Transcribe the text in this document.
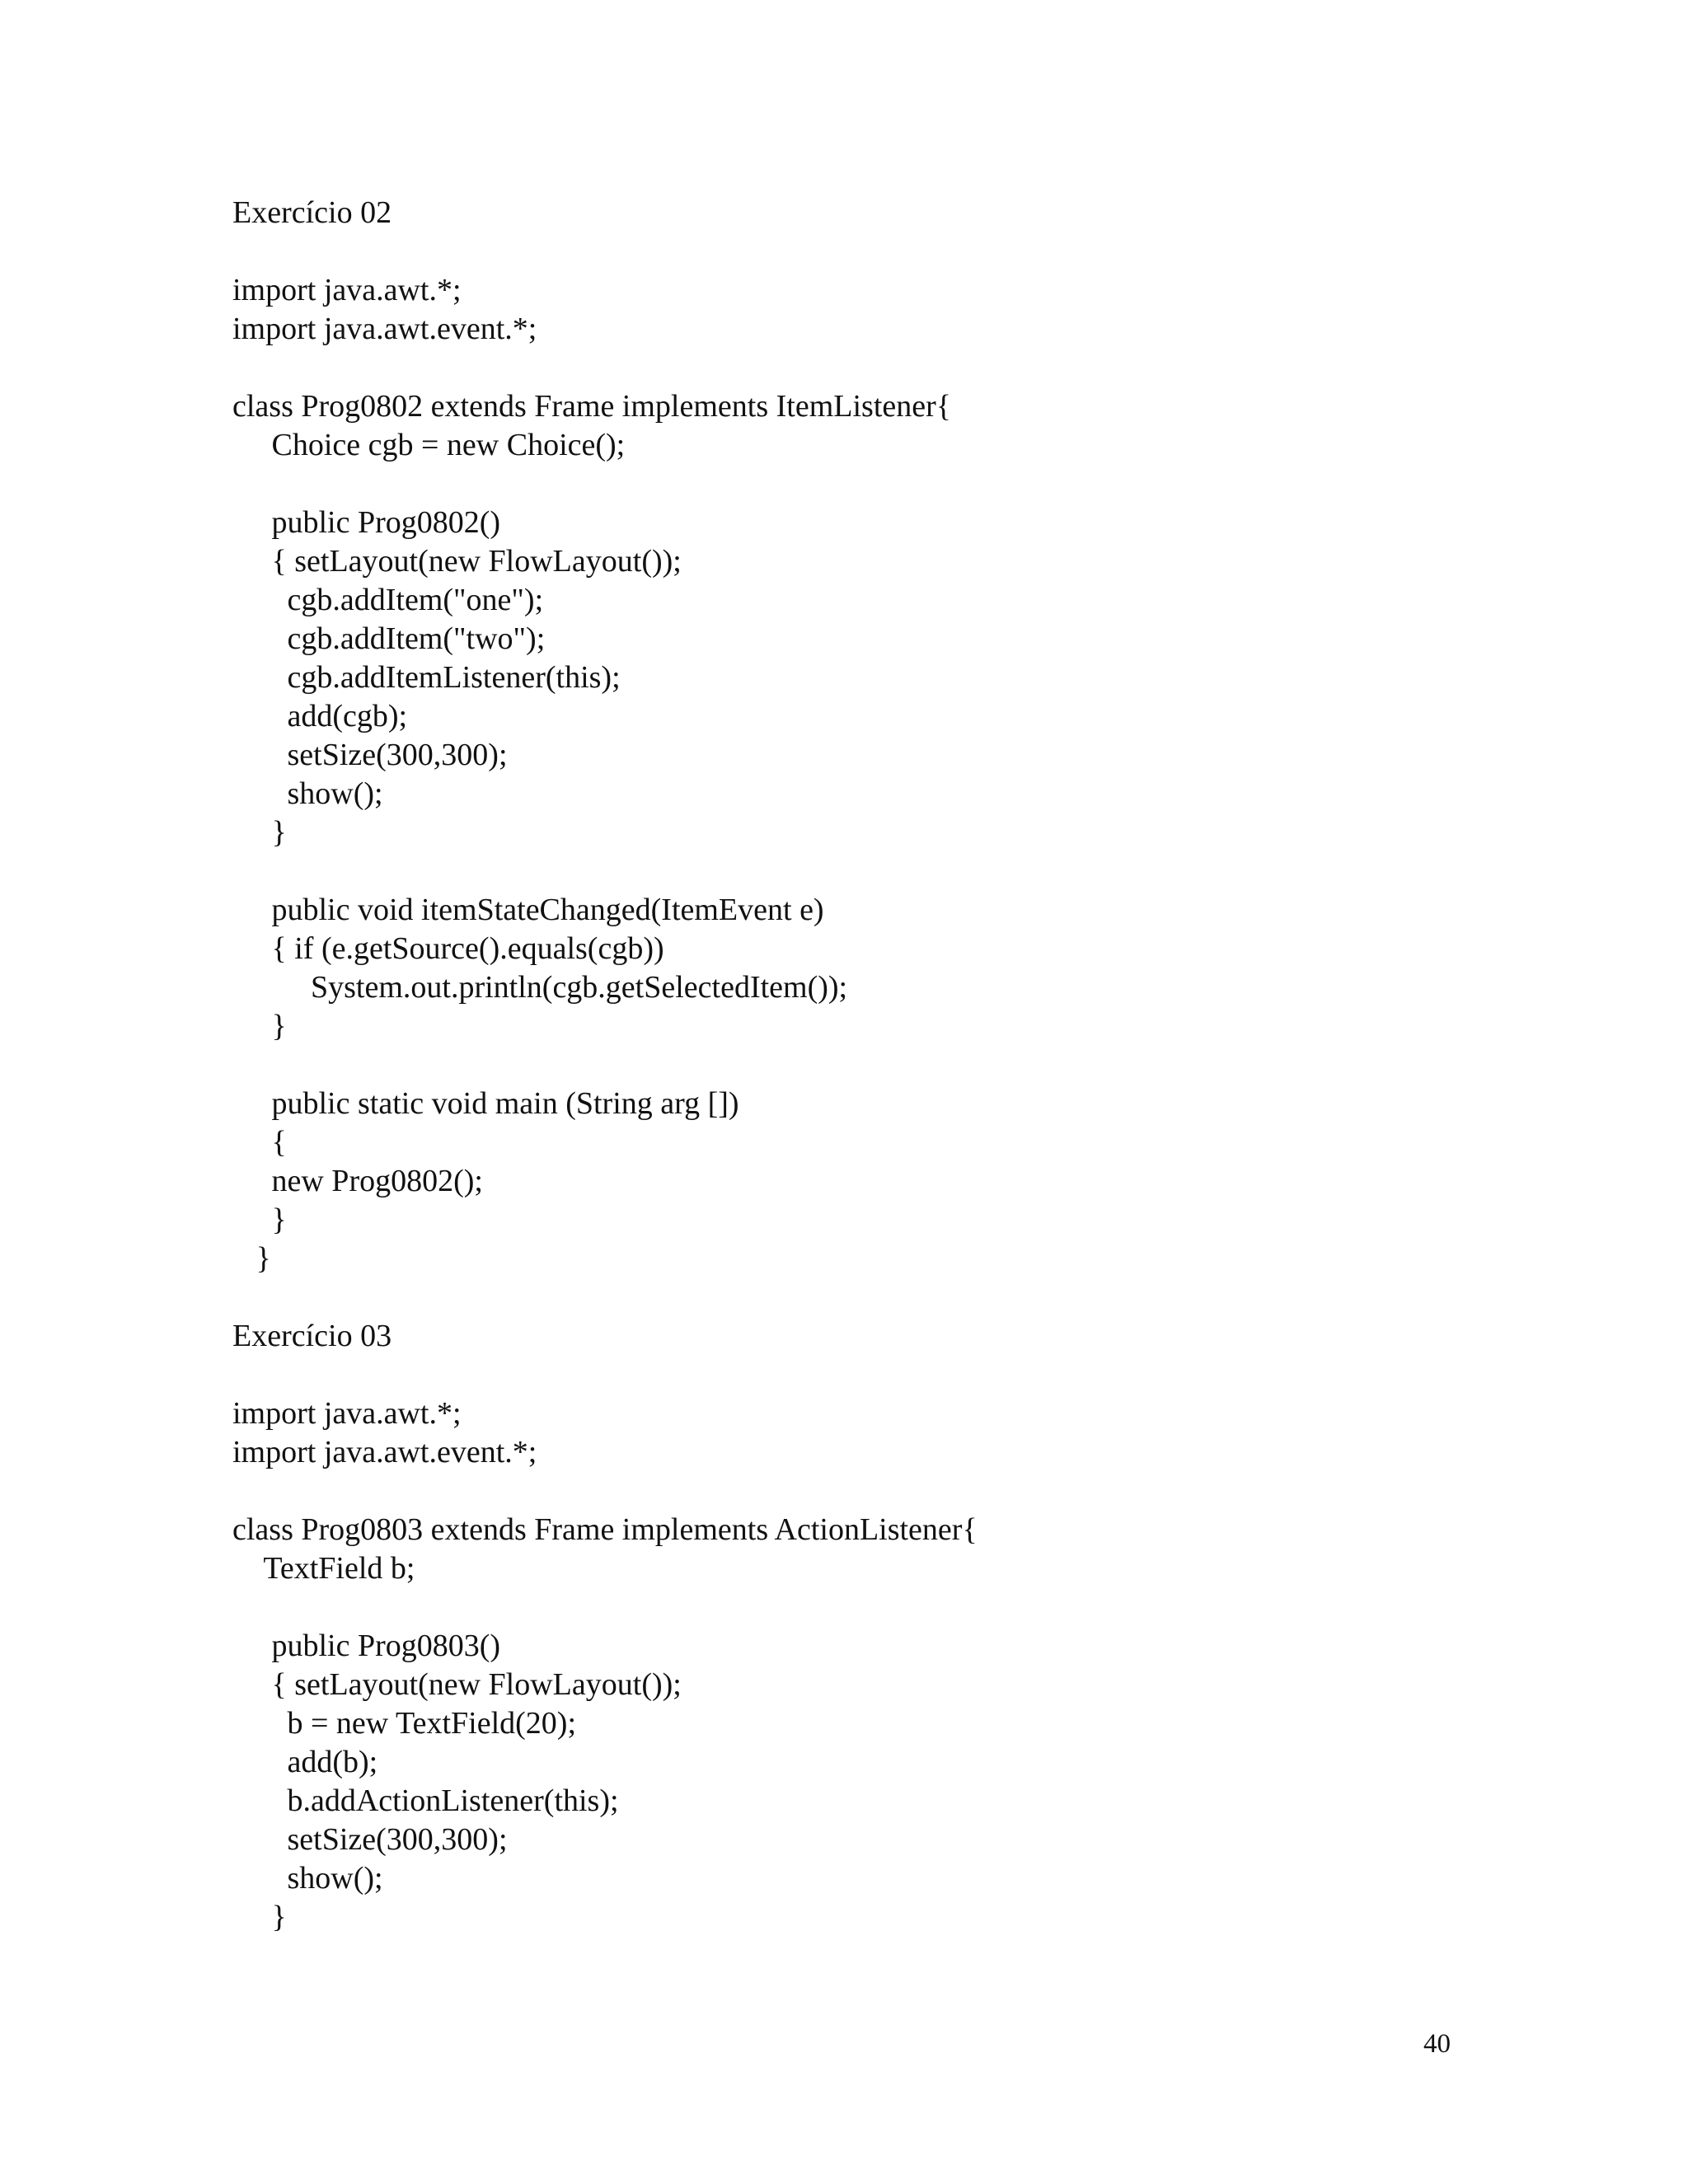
Exercício 02
import java.awt.*;
import java.awt.event.*;
class Prog0802 extends Frame implements ItemListener{
Choice cgb = new Choice();
public Prog0802()
{ setLayout(new FlowLayout());
cgb.addItem("one");
cgb.addItem("two");
cgb.addItemListener(this);
add(cgb);
setSize(300,300);
show();
}
public void itemStateChanged(ItemEvent e)
{ if (e.getSource().equals(cgb))
System.out.println(cgb.getSelectedItem());
}
public static void main (String arg [])
{
new Prog0802();
}
}
Exercício 03
import java.awt.*;
import java.awt.event.*;
class Prog0803 extends Frame implements ActionListener{
TextField b;
public Prog0803()
{ setLayout(new FlowLayout());
b = new TextField(20);
add(b);
b.addActionListener(this);
setSize(300,300);
show();
}
40
